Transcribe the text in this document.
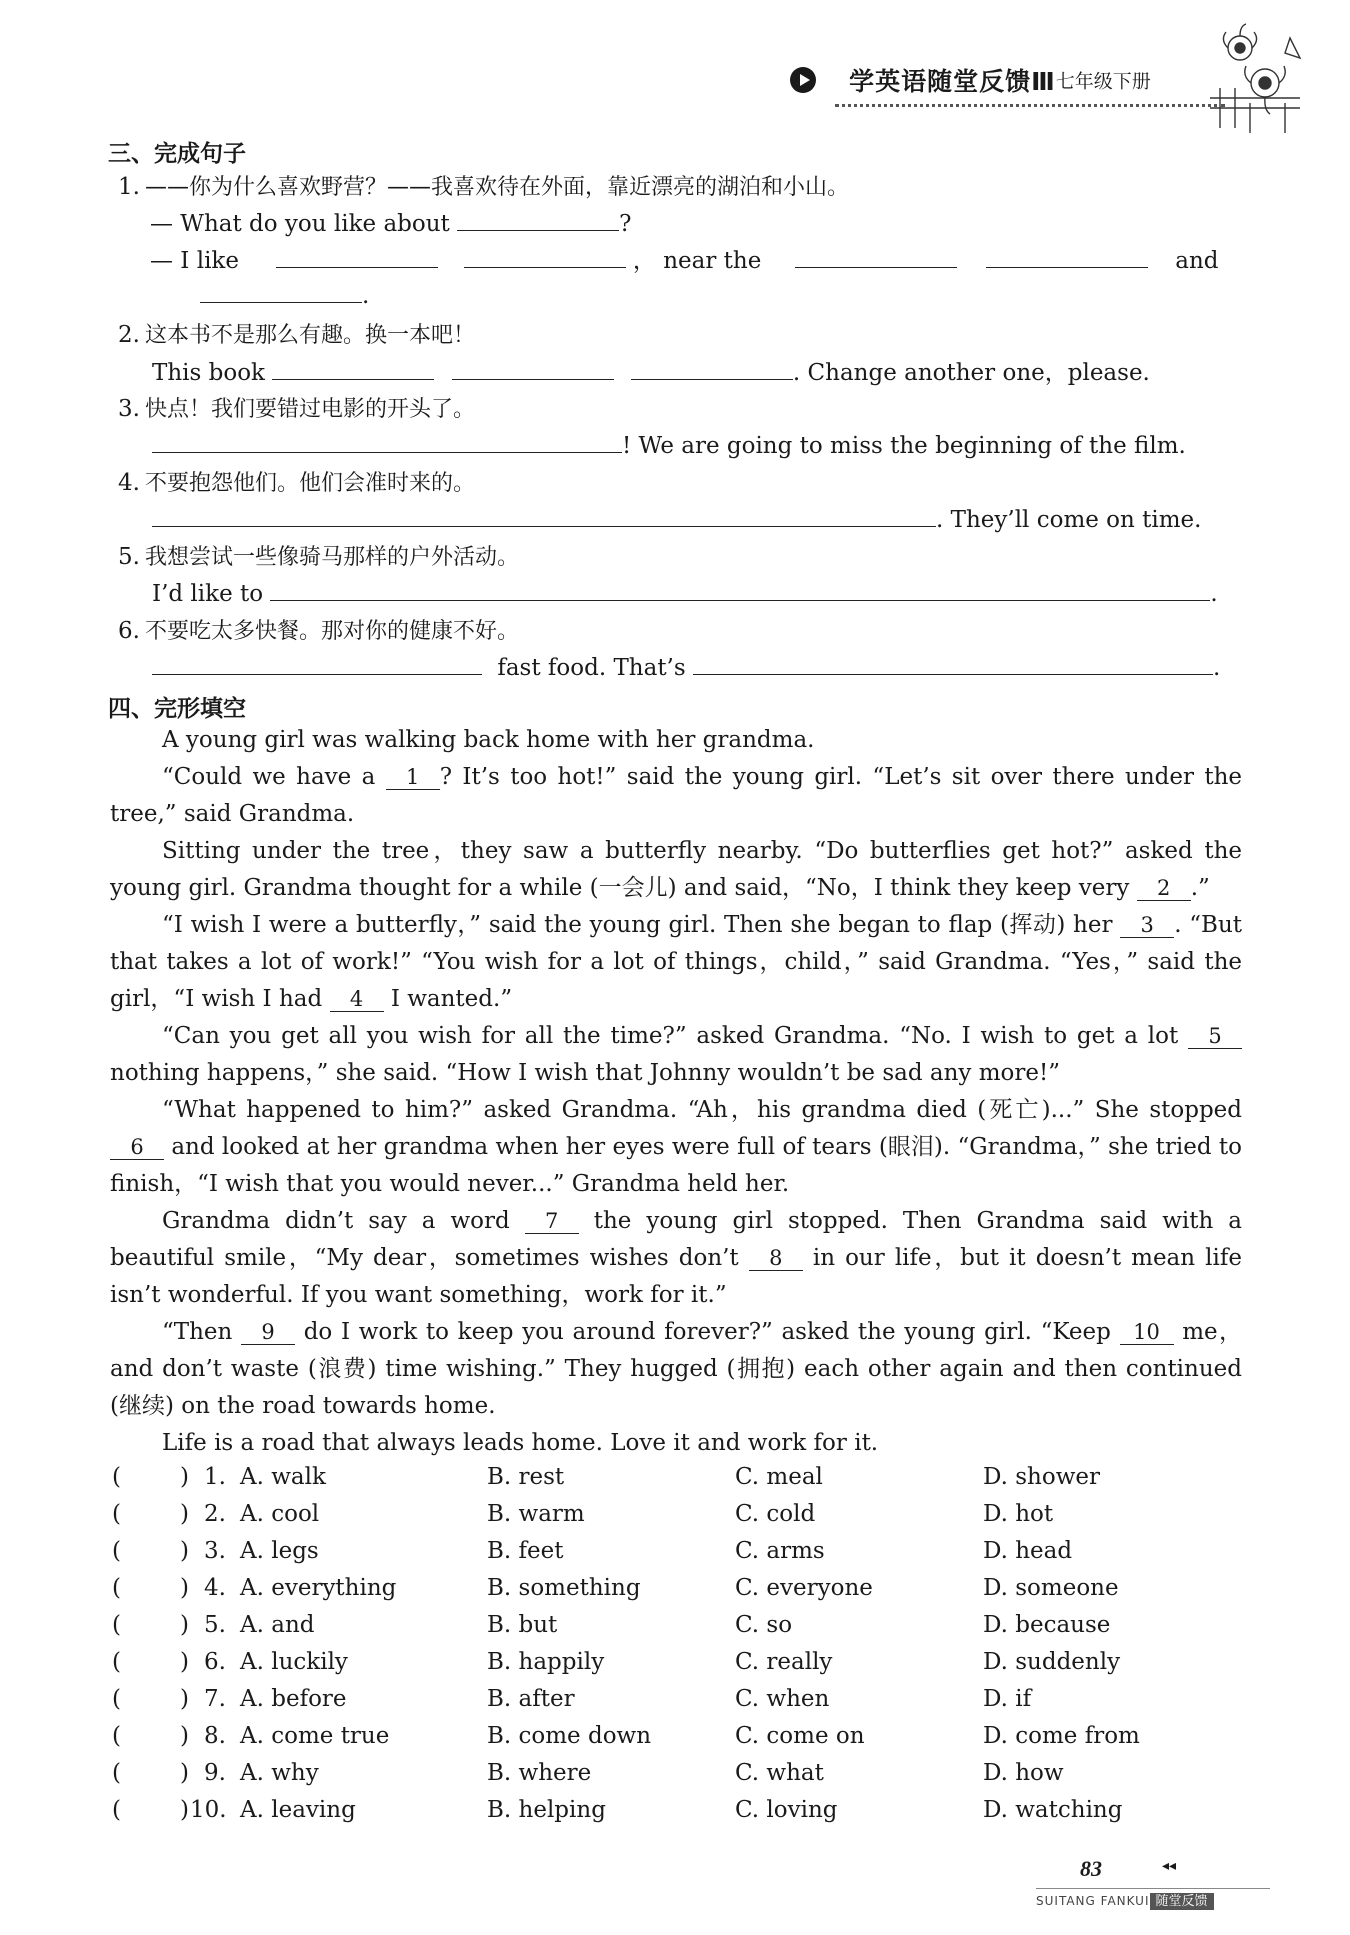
学英语随堂反馈Ⅲ七年级下册
三、完成句子
1. ——你为什么喜欢野营？——我喜欢待在外面，靠近漂亮的湖泊和小山。
— What do you like about	?
— I like	， near the	and
.
2. 这本书不是那么有趣。换一本吧！
This book	. Change another one，please.
3. 快点！我们要错过电影的开头了。
! We are going to miss the beginning of the film.
4. 不要抱怨他们。他们会准时来的。
. They’ll come on time.
5. 我想尝试一些像骑马那样的户外活动。
I’d like to	.
6. 不要吃太多快餐。那对你的健康不好。
fast food. That’s	.
四、完形填空
A young girl was walking back home with her grandma.
“Could we have a 1 ? It’s too hot!” said the young girl. “Let’s sit over there under the tree,” said Grandma.
Sitting under the tree，they saw a butterfly nearby. “Do butterflies get hot?” asked the young girl. Grandma thought for a while (一会儿) and said，“No，I think they keep very 2 .”
“I wish I were a butterfly，” said the young girl. Then she began to flap (挥动) her 3 . “But that takes a lot of work!” “You wish for a lot of things，child，” said Grandma. “Yes，” said the girl，“I wish I had 4 I wanted.”
“Can you get all you wish for all the time?” asked Grandma. “No. I wish to get a lot 5 nothing happens，” she said. “How I wish that Johnny wouldn’t be sad any more!”
“What happened to him?” asked Grandma. “Ah，his grandma died (死亡)...” She stopped 6 and looked at her grandma when her eyes were full of tears (眼泪). “Grandma，” she tried to finish，“I wish that you would never...” Grandma held her.
Grandma didn’t say a word 7 the young girl stopped. Then Grandma said with a beautiful smile，“My dear，sometimes wishes don’t 8 in our life，but it doesn’t mean life isn’t wonderful. If you want something，work for it.”
“Then 9 do I work to keep you around forever?” asked the young girl. “Keep 10 me，and don’t waste (浪费) time wishing.” They hugged (拥抱) each other again and then continued (继续) on the road towards home.
Life is a road that always leads home. Love it and work for it.
(	) 1. A. walk	B. rest	C. meal	D. shower
(	) 2. A. cool	B. warm	C. cold	D. hot
(	) 3. A. legs	B. feet	C. arms	D. head
(	) 4. A. everything	B. something	C. everyone	D. someone
(	) 5. A. and	B. but	C. so	D. because
(	) 6. A. luckily	B. happily	C. really	D. suddenly
(	) 7. A. before	B. after	C. when	D. if
(	) 8. A. come true	B. come down	C. come on	D. come from
(	) 9. A. why	B. where	C. what	D. how
(	) 10. A. leaving	B. helping	C. loving	D. watching
83	◂◂
SUITANG FANKUI 随堂反馈
